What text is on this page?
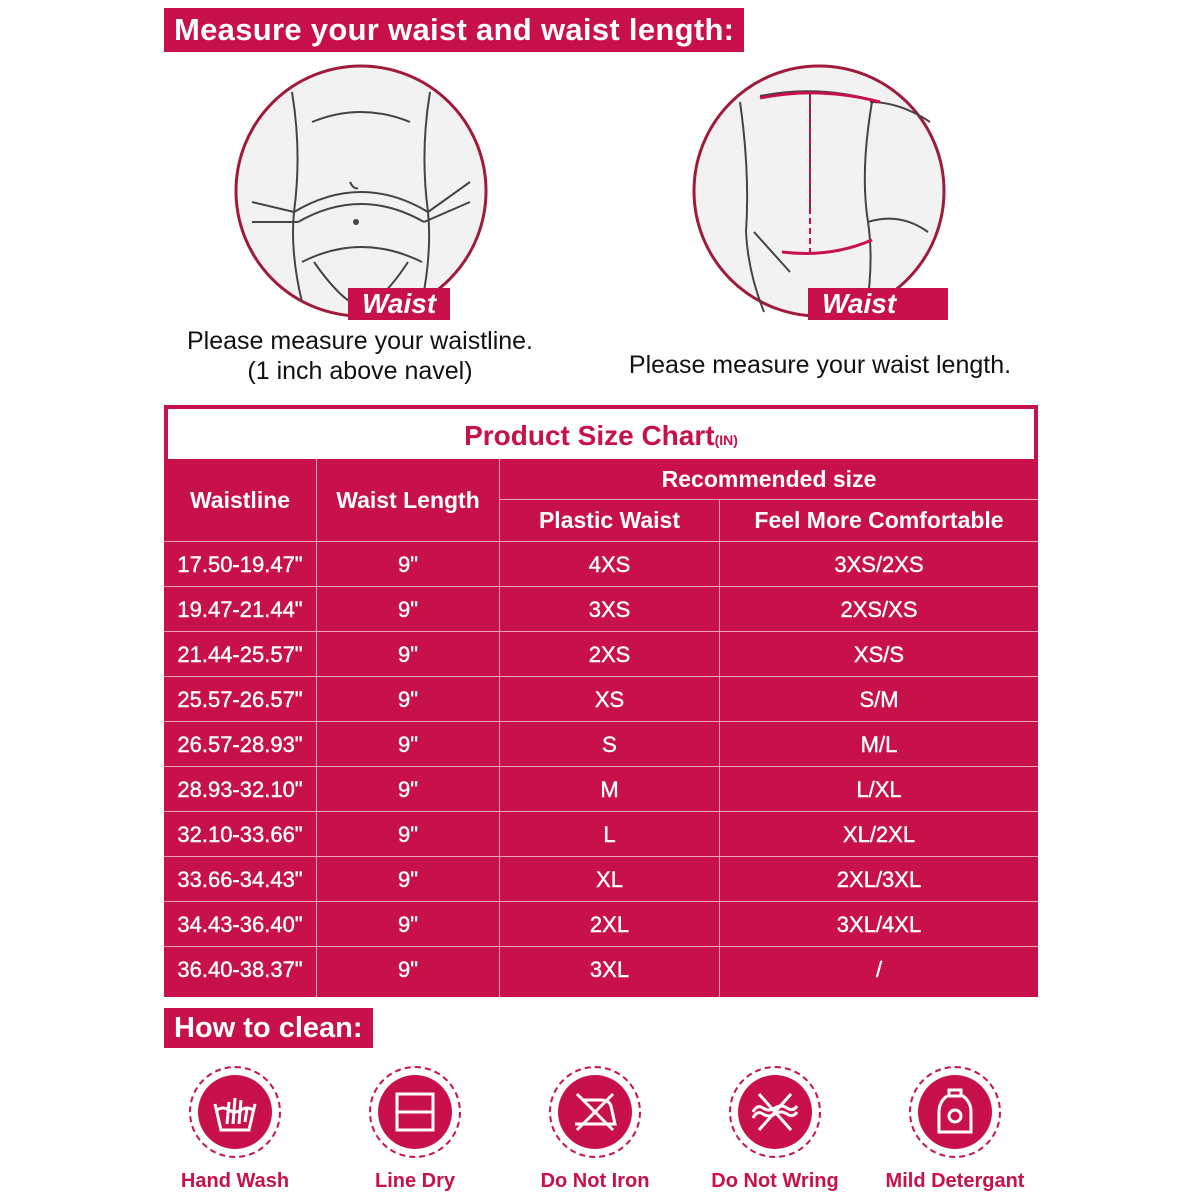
Measure your waist and waist length:
Waist
Please measure your waistline.
(1 inch above navel)
Waist length
Please measure your waist length.
Product Size Chart(IN)
Waistline	Waist Length
Recommended size
Plastic Waist	Feel More Comfortable
17.50-19.47"	9"	4XS	3XS/2XS
19.47-21.44"	9"	3XS	2XS/XS
21.44-25.57"	9"	2XS	XS/S
25.57-26.57"	9"	XS	S/M
26.57-28.93"	9"	S	M/L
28.93-32.10"	9"	M	L/XL
32.10-33.66"	9"	L	XL/2XL
33.66-34.43"	9"	XL	2XL/3XL
34.43-36.40"	9"	2XL	3XL/4XL
36.40-38.37"	9"	3XL	/
How to clean:
Hand Wash	Line Dry	Do Not Iron	Do Not Wring	Mild Detergant
